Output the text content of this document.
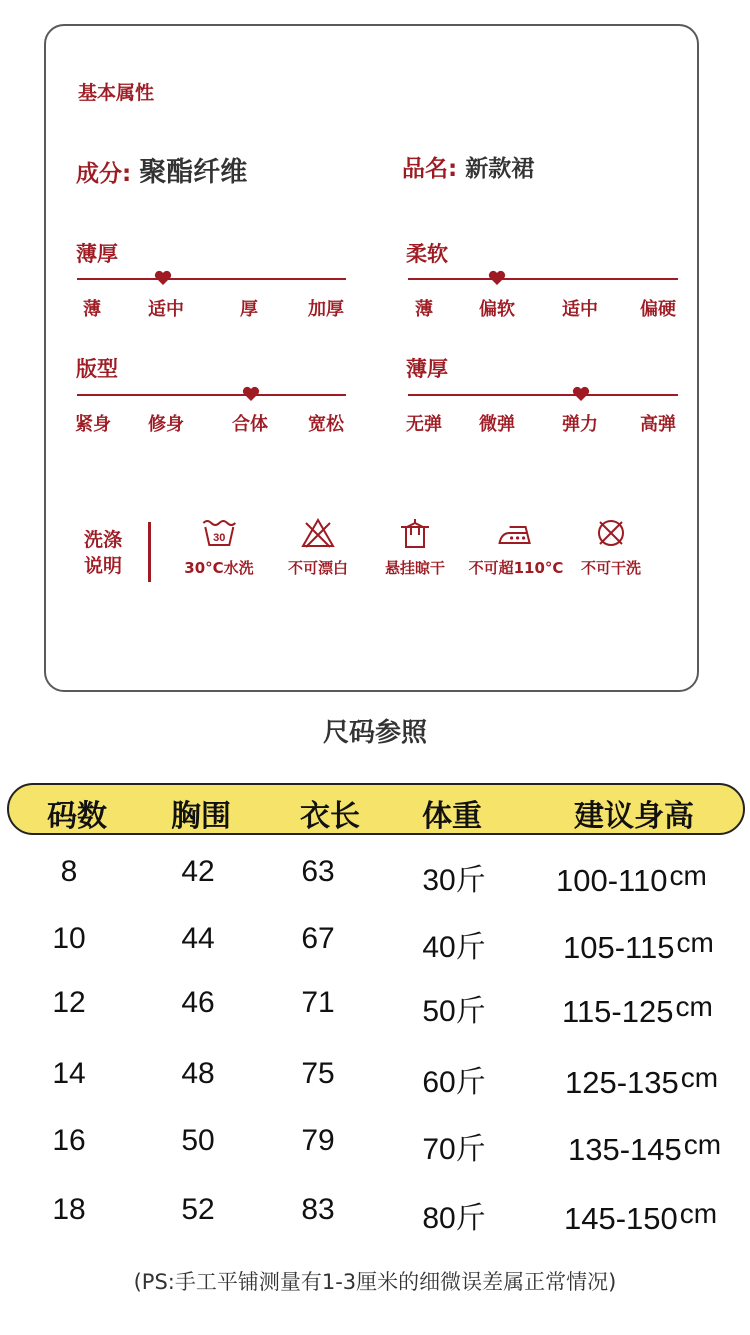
基本属性
成分: 聚酯纤维	品名: 新款裙
薄厚
薄	适中	厚	加厚
柔软
薄	偏软	适中 偏硬
版型
紧身 修身	合体 宽松
薄厚
无弹 微弹	弹力 高弹
洗涤
说明
30
30°C水洗 不可漂白 悬挂晾干 不可超110°C 不可干洗
尺码参照
码数 胸围 衣长 体重	建议身高
8	42	63	30斤 100-110cm
10	44	67	40斤 105-115cm
12	46	71	50斤 115-125cm
14	48	75	60斤	125-135cm
16	50	79	70斤	135-145cm
18	52	83	80斤	145-150cm
(PS:手工平铺测量有1-3厘米的细微误差属正常情况)
